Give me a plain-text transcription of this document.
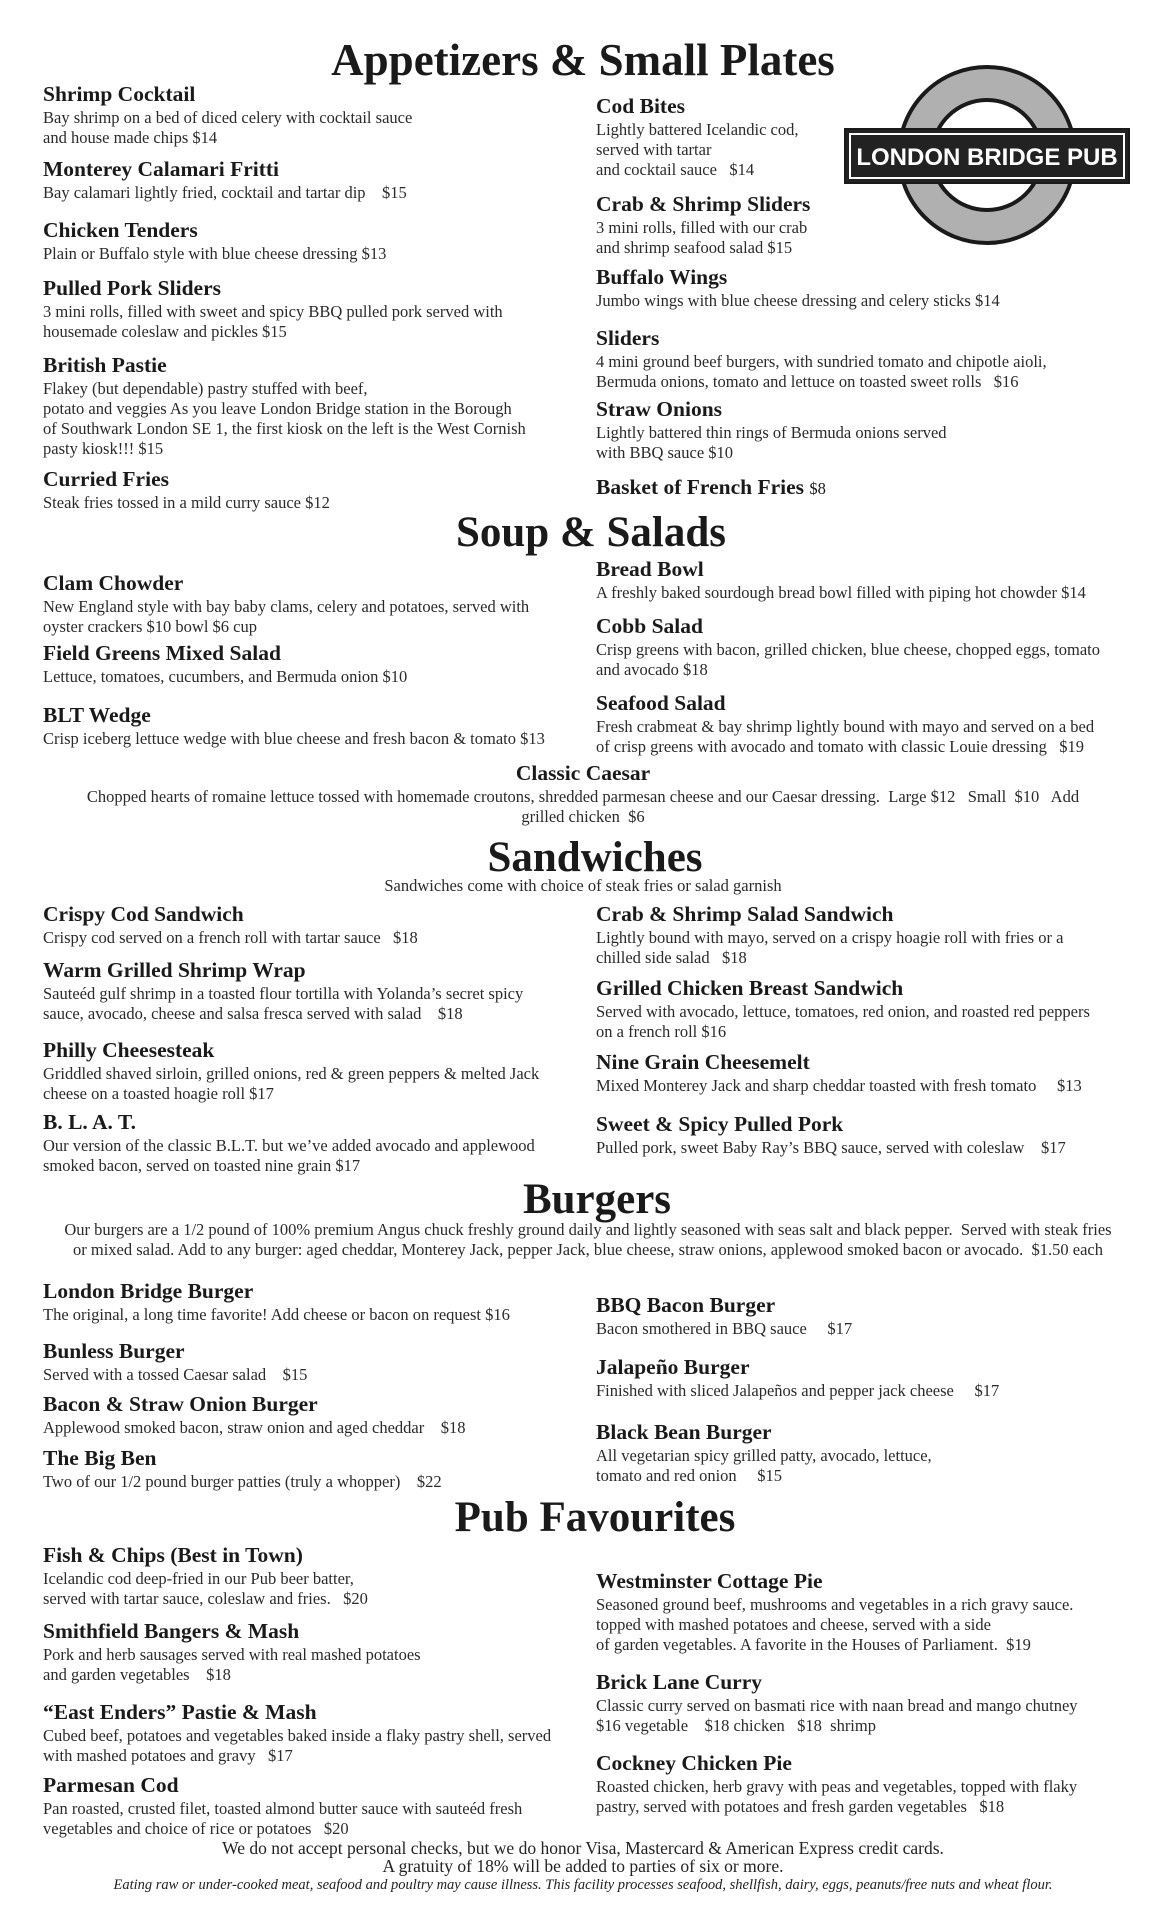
LONDON BRIDGE PUB
Appetizers & Small Plates
Soup & Salads
Sandwiches
Burgers
Pub Favourites
Shrimp Cocktail
Bay shrimp on a bed of diced celery with cocktail sauce
and house made chips $14
Monterey Calamari Fritti
Bay calamari lightly fried, cocktail and tartar dip    $15
Chicken Tenders
Plain or Buffalo style with blue cheese dressing $13
Pulled Pork Sliders
3 mini rolls, filled with sweet and spicy BBQ pulled pork served with
housemade coleslaw and pickles $15
British Pastie
Flakey (but dependable) pastry stuffed with beef,
potato and veggies As you leave London Bridge station in the Borough
of Southwark London SE 1, the first kiosk on the left is the West Cornish
pasty kiosk!!! $15
Curried Fries
Steak fries tossed in a mild curry sauce $12
Cod Bites
Lightly battered Icelandic cod,
served with tartar
and cocktail sauce   $14
Crab & Shrimp Sliders
3 mini rolls, filled with our crab
and shrimp seafood salad $15
Buffalo Wings
Jumbo wings with blue cheese dressing and celery sticks $14
Sliders
4 mini ground beef burgers, with sundried tomato and chipotle aioli,
Bermuda onions, tomato and lettuce on toasted sweet rolls   $16
Straw Onions
Lightly battered thin rings of Bermuda onions served
with BBQ sauce $10
Basket of French Fries $8
Clam Chowder
New England style with bay baby clams, celery and potatoes, served with
oyster crackers $10 bowl $6 cup
Field Greens Mixed Salad
Lettuce, tomatoes, cucumbers, and Bermuda onion $10
BLT Wedge
Crisp iceberg lettuce wedge with blue cheese and fresh bacon & tomato $13
Bread Bowl
A freshly baked sourdough bread bowl filled with piping hot chowder $14
Cobb Salad
Crisp greens with bacon, grilled chicken, blue cheese, chopped eggs, tomato
and avocado $18
Seafood Salad
Fresh crabmeat & bay shrimp lightly bound with mayo and served on a bed
of crisp greens with avocado and tomato with classic Louie dressing   $19
Classic Caesar
Chopped hearts of romaine lettuce tossed with homemade croutons, shredded parmesan cheese and our Caesar dressing.  Large $12   Small  $10   Add
grilled chicken  $6
Sandwiches come with choice of steak fries or salad garnish
Crispy Cod Sandwich
Crispy cod served on a french roll with tartar sauce   $18
Warm Grilled Shrimp Wrap
Sauteéd gulf shrimp in a toasted flour tortilla with Yolanda’s secret spicy
sauce, avocado, cheese and salsa fresca served with salad    $18
Philly Cheesesteak
Griddled shaved sirloin, grilled onions, red & green peppers & melted Jack
cheese on a toasted hoagie roll $17
B. L. A. T.
Our version of the classic B.L.T. but we’ve added avocado and applewood
smoked bacon, served on toasted nine grain $17
Crab & Shrimp Salad Sandwich
Lightly bound with mayo, served on a crispy hoagie roll with fries or a
chilled side salad   $18
Grilled Chicken Breast Sandwich
Served with avocado, lettuce, tomatoes, red onion, and roasted red peppers
on a french roll $16
Nine Grain Cheesemelt
Mixed Monterey Jack and sharp cheddar toasted with fresh tomato     $13
Sweet & Spicy Pulled Pork
Pulled pork, sweet Baby Ray’s BBQ sauce, served with coleslaw    $17
Our burgers are a 1/2 pound of 100% premium Angus chuck freshly ground daily and lightly seasoned with seas salt and black pepper.  Served with steak fries
or mixed salad. Add to any burger: aged cheddar, Monterey Jack, pepper Jack, blue cheese, straw onions, applewood smoked bacon or avocado.  $1.50 each
London Bridge Burger
The original, a long time favorite! Add cheese or bacon on request $16
Bunless Burger
Served with a tossed Caesar salad    $15
Bacon & Straw Onion Burger
Applewood smoked bacon, straw onion and aged cheddar    $18
The Big Ben
Two of our 1/2 pound burger patties (truly a whopper)    $22
BBQ Bacon Burger
Bacon smothered in BBQ sauce     $17
Jalapeño Burger
Finished with sliced Jalapeños and pepper jack cheese     $17
Black Bean Burger
All vegetarian spicy grilled patty, avocado, lettuce,
tomato and red onion     $15
Fish & Chips (Best in Town)
Icelandic cod deep-fried in our Pub beer batter,
served with tartar sauce, coleslaw and fries.   $20
Smithfield Bangers & Mash
Pork and herb sausages served with real mashed potatoes
and garden vegetables    $18
“East Enders” Pastie & Mash
Cubed beef, potatoes and vegetables baked inside a flaky pastry shell, served
with mashed potatoes and gravy   $17
Parmesan Cod
Pan roasted, crusted filet, toasted almond butter sauce with sauteéd fresh
vegetables and choice of rice or potatoes   $20
Westminster Cottage Pie
Seasoned ground beef, mushrooms and vegetables in a rich gravy sauce.
topped with mashed potatoes and cheese, served with a side
of garden vegetables. A favorite in the Houses of Parliament.  $19
Brick Lane Curry
Classic curry served on basmati rice with naan bread and mango chutney
$16 vegetable    $18 chicken   $18  shrimp
Cockney Chicken Pie
Roasted chicken, herb gravy with peas and vegetables, topped with flaky
pastry, served with potatoes and fresh garden vegetables   $18
We do not accept personal checks, but we do honor Visa, Mastercard & American Express credit cards.
A gratuity of 18% will be added to parties of six or more.
Eating raw or under-cooked meat, seafood and poultry may cause illness. This facility processes seafood, shellfish, dairy, eggs, peanuts/free nuts and wheat flour.
